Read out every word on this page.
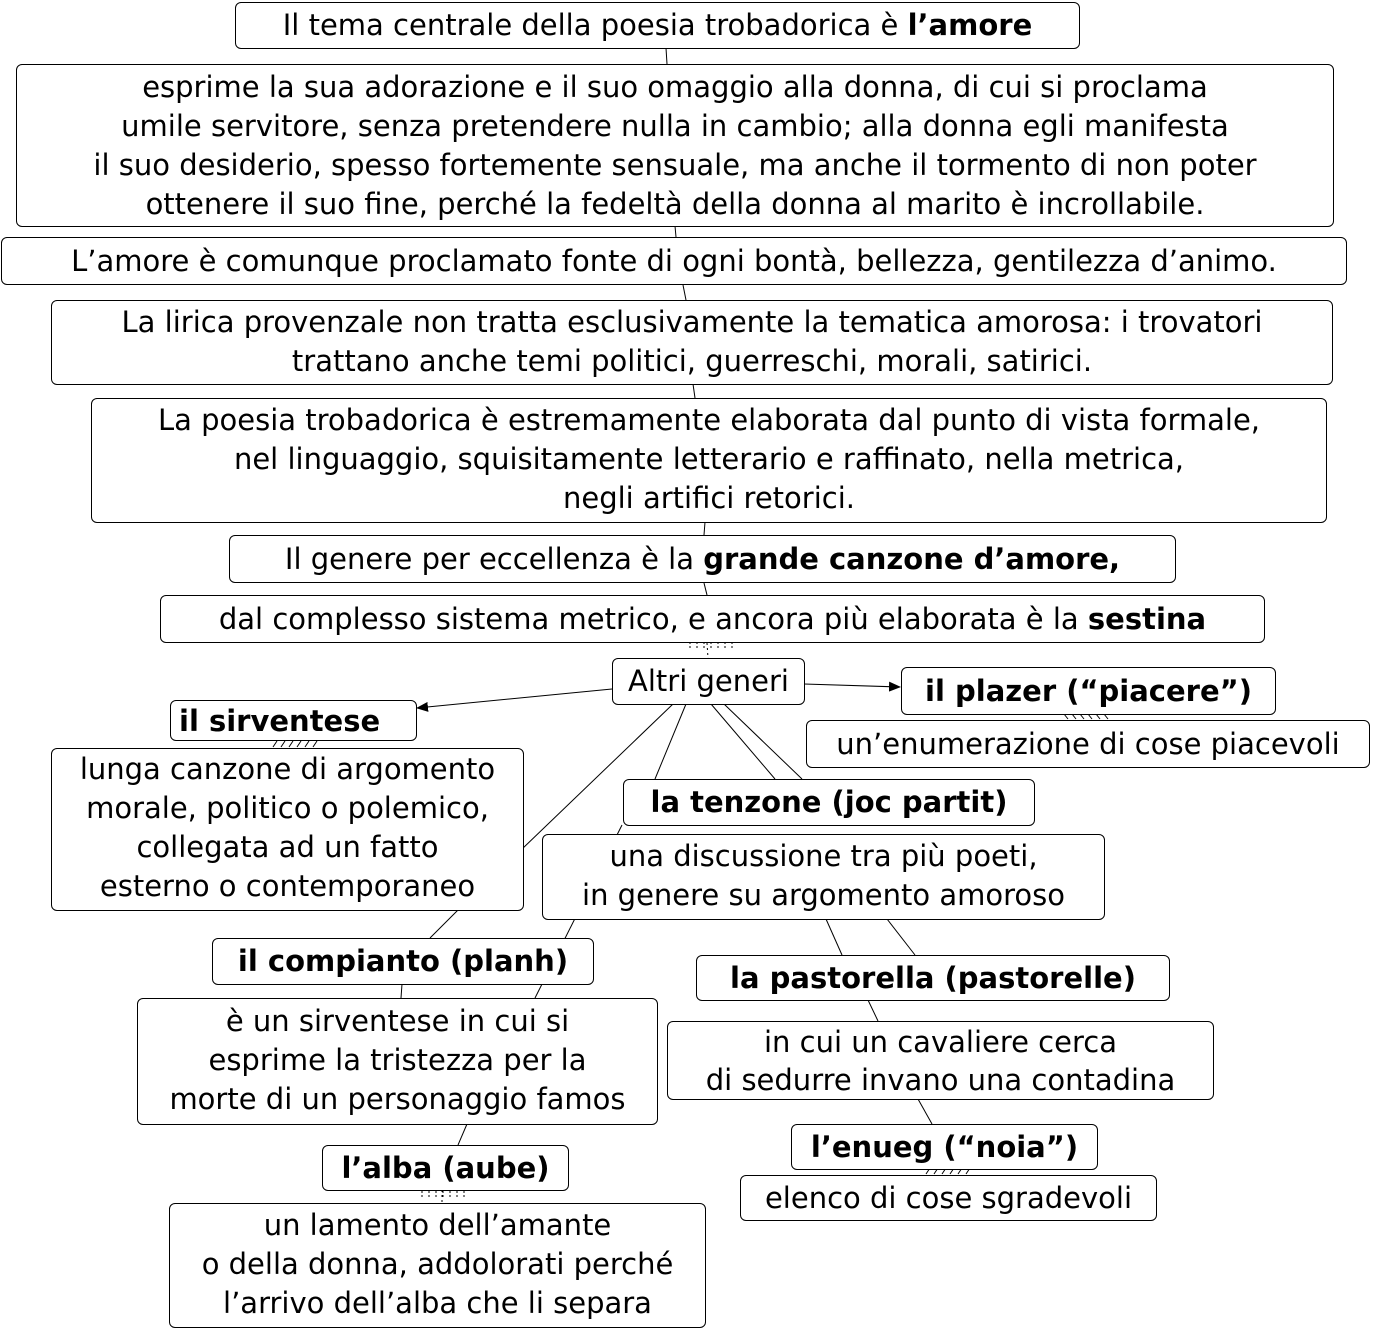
Il tema centrale della poesia trobadorica è l’amore
esprime la sua adorazione e il suo omaggio alla donna, di cui si proclama
umile servitore, senza pretendere nulla in cambio; alla donna egli manifesta
il suo desiderio, spesso fortemente sensuale, ma anche il tormento di non poter
ottenere il suo fine, perché la fedeltà della donna al marito è incrollabile.
L’amore è comunque proclamato fonte di ogni bontà, bellezza, gentilezza d’animo.
La lirica provenzale non tratta esclusivamente la tematica amorosa: i trovatori
trattano anche temi politici, guerreschi, morali, satirici.
La poesia trobadorica è estremamente elaborata dal punto di vista formale,
nel linguaggio, squisitamente letterario e raffinato, nella metrica,
negli artifici retorici.
Il genere per eccellenza è la grande canzone d’amore,
dal complesso sistema metrico, e ancora più elaborata è la sestina
Altri generi	il plazer (“piacere”)
un’enumerazione di cose piacevoli
il sirventese
lunga canzone di argomento
morale, politico o polemico,
collegata ad un fatto
esterno o contemporaneo
la tenzone (joc partit)
una discussione tra più poeti,
in genere su argomento amoroso
il compianto (planh)
è un sirventese in cui si
esprime la tristezza per la
morte di un personaggio famos
la pastorella (pastorelle)
in cui un cavaliere cerca
di sedurre invano una contadina
l’enueg (“noia”)
elenco di cose sgradevoli
l’alba (aube)
un lamento dell’amante
o della donna, addolorati perché
l’arrivo dell’alba che li separa
